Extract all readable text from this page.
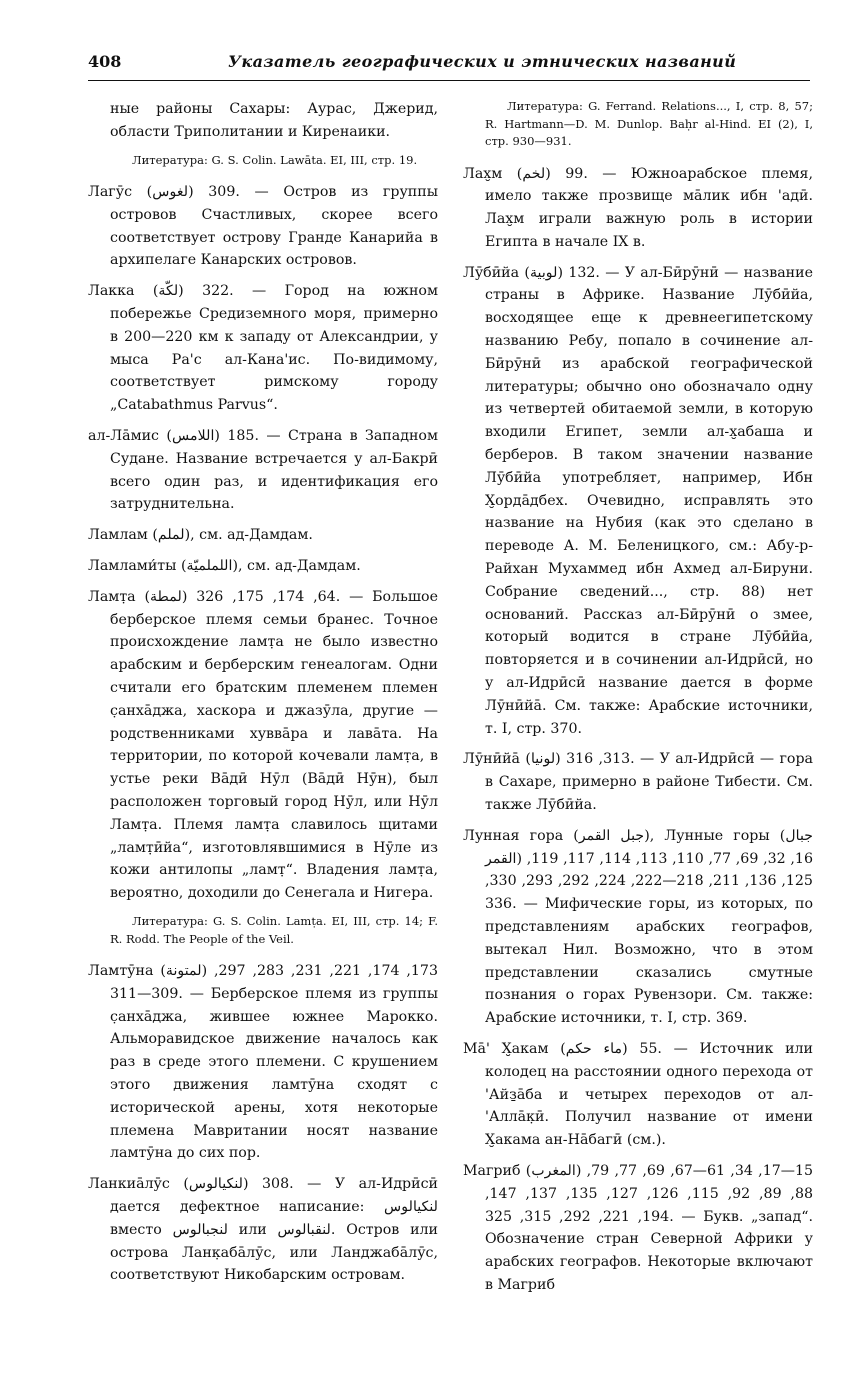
408	Указатель географических и этнических названий

ные районы Сахары: Аурас, Джерид, области Триполитании и Киренаики.

Литература: G. S. Colin. Lawāta. EI, III, стр. 19.

Лагӯс (لغوس) 309. — Остров из группы островов Счастливых, скорее всего соответствует острову Гранде Канарийа в архипелаге Канарских островов.

Лакка (لكّة) 322. — Город на южном побережье Средиземного моря, примерно в 200—220 км к западу от Александрии, у мыса Ра'с ал-Кана'ис. По-видимому, соответствует римскому городу „Catabathmus Parvus“.

ал-Лāмис (اللامس) 185. — Страна в Западном Судане. Название встречается у ал-Бакрӣ всего один раз, и идентификация его затруднительна.

Ламлам (لملم), см. ад-Дамдам.

Ламлами́ты (اللملميّة), см. ад-Дамдам.

Ламт̣а (لمطة) 64, 174, 175, 326. — Большое берберское племя семьи бранес. Точное происхождение ламт̣а не было известно арабским и берберским генеалогам. Одни считали его братским племенем племен с̣анхāджа, хаскора и джазӯла, другие — родственниками хуввāра и лавāта. На территории, по которой кочевали ламт̣а, в устье реки Вāдӣ Нӯл (Вāдӣ Нӯн), был расположен торговый город Нӯл, или Нӯл Ламт̣а. Племя ламт̣а славилось щитами „ламт̣ӣйа“, изготовлявшимися в Нӯле из кожи антилопы „ламт̣“. Владения ламт̣а, вероятно, доходили до Сенегала и Нигера.

Литература: G. S. Colin. Lamṭa. EI, III, стр. 14; F. R. Rodd. The People of the Veil.

Ламтӯна (لمتونة) 173, 174, 221, 231, 283, 297, 309—311. — Берберское племя из группы с̣анхāджа, жившее южнее Марокко. Альморавидское движение началось как раз в среде этого племени. С крушением этого движения ламтӯна сходят с исторической арены, хотя некоторые племена Мавритании носят название ламтӯна до сих пор.

Ланкиāлӯс (لنكيالوس) 308. — У ал-Идрӣсӣ дается дефектное написание: لنكيالوس вместо لنجبالوس или لنقبالوس. Остров или острова Ланк̣абāлӯс, или Ланджабāлӯс, соответствуют Никобарским островам.

Литература: G. Ferrand. Relations..., I, стр. 8, 57; R. Hartmann—D. M. Dunlop. Baḥr al-Hind. EI (2), I, стр. 930—931.

Лах̮м (لخم) 99. — Южноарабское племя, имело также прозвище мāлик ибн 'адӣ. Лах̮м играли важную роль в истории Египта в начале IX в.

Лӯбӣйа (لوبية) 132. — У ал-Бӣрӯнӣ — название страны в Африке. Название Лӯбӣйа, восходящее еще к древнеегипетскому названию Ребу, попало в сочинение ал-Бӣрӯнӣ из арабской географической литературы; обычно оно обозначало одну из четвертей обитаемой земли, в которую входили Египет, земли ал-х̮абаша и берберов. В таком значении название Лӯбӣйа употребляет, например, Ибн Х̮ордāдбех. Очевидно, исправлять это название на Нубия (как это сделано в переводе А. М. Беленицкого, см.: Абу-р-Райхан Мухаммед ибн Ахмед ал-Бируни. Собрание сведений..., стр. 88) нет оснований. Рассказ ал-Бӣрӯнӣ о змее, который водится в стране Лӯбӣйа, повторяется и в сочинении ал-Идрӣсӣ, но у ал-Идрӣсӣ название дается в форме Лӯнӣйā. См. также: Арабские источники, т. I, стр. 370.

Лӯнӣйā (لونيا) 313, 316. — У ал-Идрӣсӣ — гора в Сахаре, примерно в районе Тибести. См. также Лӯбӣйа.

Лунная гора (جبل القمر), Лунные горы (جبال القمر) 16, 32, 69, 77, 110, 113, 114, 117, 119, 125, 136, 211, 218—222, 224, 292, 293, 330, 336. — Мифические горы, из которых, по представлениям арабских географов, вытекал Нил. Возможно, что в этом представлении сказались смутные познания о горах Рувензори. См. также: Арабские источники, т. I, стр. 369.

Мā' Х̮акам (ماء حكم) 55. — Источник или колодец на расстоянии одного перехода от 'Айз̱āба и четырех переходов от ал-'Аллāк̣ӣ. Получил название от имени Х̮акама ан-Нāбагӣ (см.).

Магриб (المغرب) 15—17, 34, 61—67, 69, 77, 79, 88, 89, 92, 115, 126, 127, 135, 137, 147, 194, 221, 292, 315, 325. — Букв. „запад“. Обозначение стран Северной Африки у арабских географов. Некоторые включают в Магриб
